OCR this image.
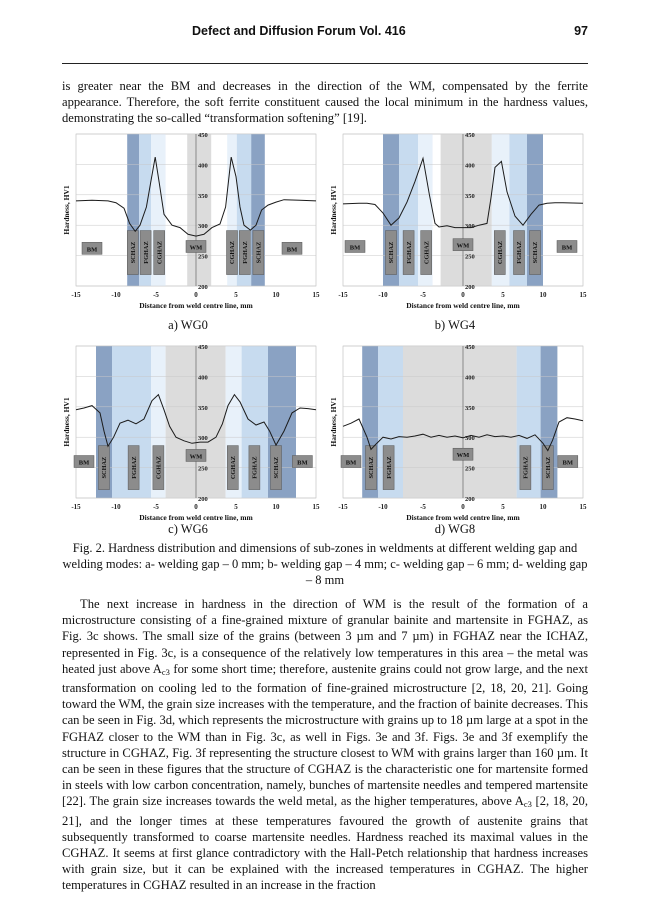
Defect and Diffusion Forum Vol. 416	97

is greater near the BM and decreases in the direction of the WM, compensated by the ferrite appearance. Therefore, the soft ferrite constituent caused the local minimum in the hardness values, demonstrating the so-called “transformation softening” [19].

200
250
300
350
400
450
BM	SCHAZ FGHAZ CGHAZ	WM	CGHAZ FGHAZ SCHAZ	BM
-15	-10	-5	0	5	10	15
Distance from weld centre line, mm
Hardness, HV1
200
250
300
350
400
450
BM	SCHAZ FGHAZ CGHAZ	WM	CGHAZ FGHAZ SCHAZ	BM
-15	-10	-5	0	5	10	15
Distance from weld centre line, mm
Hardness, HV1
200
250
300
350
400
450
BM SCHAZ	FGHAZ	CGHAZ	WM	CGHAZ FGHAZ SCHAZ	BM
-15	-10	-5	0	5	10	15
Distance from weld centre line, mm
Hardness, HV1
200
250
300
350
400
450
BM SCHAZ FGHAZ
WM
FGHAZ SCHAZ BM
-15	-10	-5	0	5	10	15
Distance from weld centre line, mm
Hardness, HV1
a) WG0	b) WG4
c) WG6	d) WG8
Fig. 2. Hardness distribution and dimensions of sub-zones in weldments at different welding gap and welding modes: a- welding gap – 0 mm; b- welding gap – 4 mm; c- welding gap – 6 mm; d- welding gap – 8 mm

The next increase in hardness in the direction of WM is the result of the formation of a microstructure consisting of a fine-grained mixture of granular bainite and martensite in FGHAZ, as Fig. 3c shows. The small size of the grains (between 3 µm and 7 µm) in FGHAZ near the ICHAZ, represented in Fig. 3c, is a consequence of the relatively low temperatures in this area – the metal was heated just above $A_{c3}$ for some short time; therefore, austenite grains could not grow large, and the next transformation on cooling led to the formation of fine-grained microstructure [2, 18, 20, 21]. Going toward the WM, the grain size increases with the temperature, and the fraction of bainite decreases. This can be seen in Fig. 3d, which represents the microstructure with grains up to 18 µm large at a spot in the FGHAZ closer to the WM than in Fig. 3c, as well in Figs. 3e and 3f. Figs. 3e and 3f exemplify the structure in CGHAZ, Fig. 3f representing the structure closest to WM with grains larger than 160 µm. It can be seen in these figures that the structure of CGHAZ is the characteristic one for martensite formed in steels with low carbon concentration, namely, bunches of martensite needles and tempered martensite [22]. The grain size increases towards the weld metal, as the higher temperatures, above $A_{c3}$ [2, 18, 20, 21], and the longer times at these temperatures favoured the growth of austenite grains that subsequently transformed to coarse martensite needles. Hardness reached its maximal values in the CGHAZ. It seems at first glance contradictory with the Hall-Petch relationship that hardness increases with grain size, but it can be explained with the increased temperatures in CGHAZ. The higher temperatures in CGHAZ resulted in an increase in the fraction
